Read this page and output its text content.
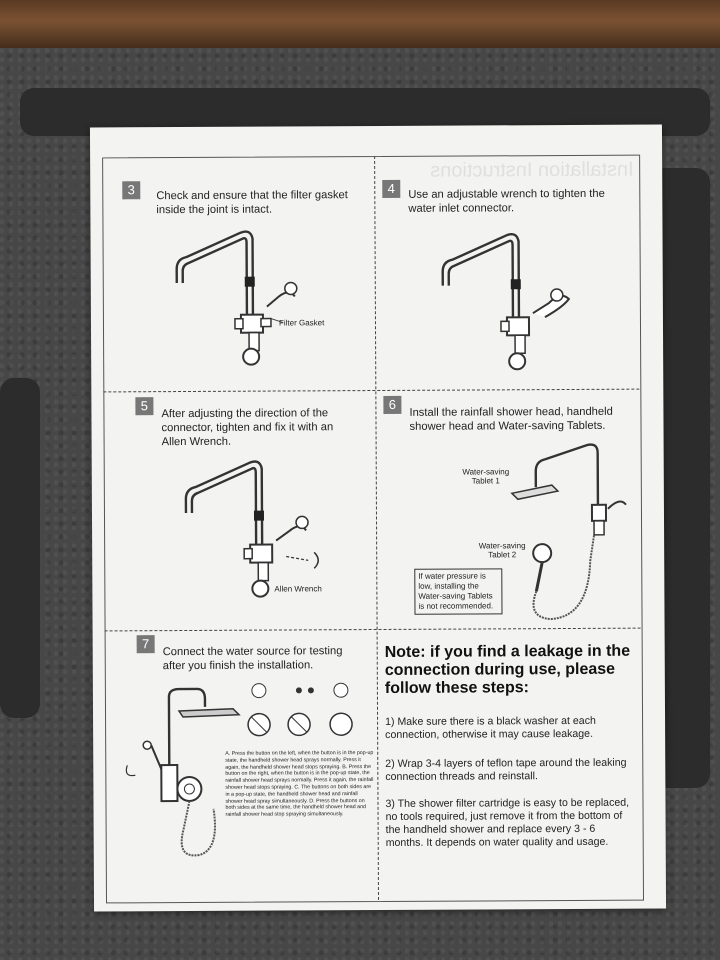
Installation Instructions
3	Check and ensure that the filter gasket inside the joint is intact.
Filter Gasket
4	Use an adjustable wrench to tighten the water inlet connector.
5
After adjusting the direction of the connector, tighten and fix it with an Allen Wrench.
Allen Wrench
6
Install the rainfall shower head, handheld shower head and Water-saving Tablets.
Water-saving Tablet 1
Water-saving Tablet 2
If water pressure is low, installing the Water-saving Tablets is not recommended.
7
Connect the water source for testing after you finish the installation.
A. Press the button on the left, when the button is in the pop-up state, the handheld shower head sprays normally. Press it again, the handheld shower head stops spraying. B. Press the button on the right, when the button is in the pop-up state, the rainfall shower head sprays normally. Press it again, the rainfall shower head stops spraying. C. The buttons on both sides are in a pop-up state, the handheld shower head and rainfall shower head spray simultaneously. D. Press the buttons on both sides at the same time, the handheld shower head and rainfall shower head stop spraying simultaneously.
Note: if you find a leakage in the connection during use, please follow these steps:
1) Make sure there is a black washer at each connection, otherwise it may cause leakage.
2) Wrap 3-4 layers of teflon tape around the leaking connection threads and reinstall.
3) The shower filter cartridge is easy to be replaced, no tools required, just remove it from the bottom of the handheld shower and replace every 3 - 6 months. It depends on water quality and usage.
